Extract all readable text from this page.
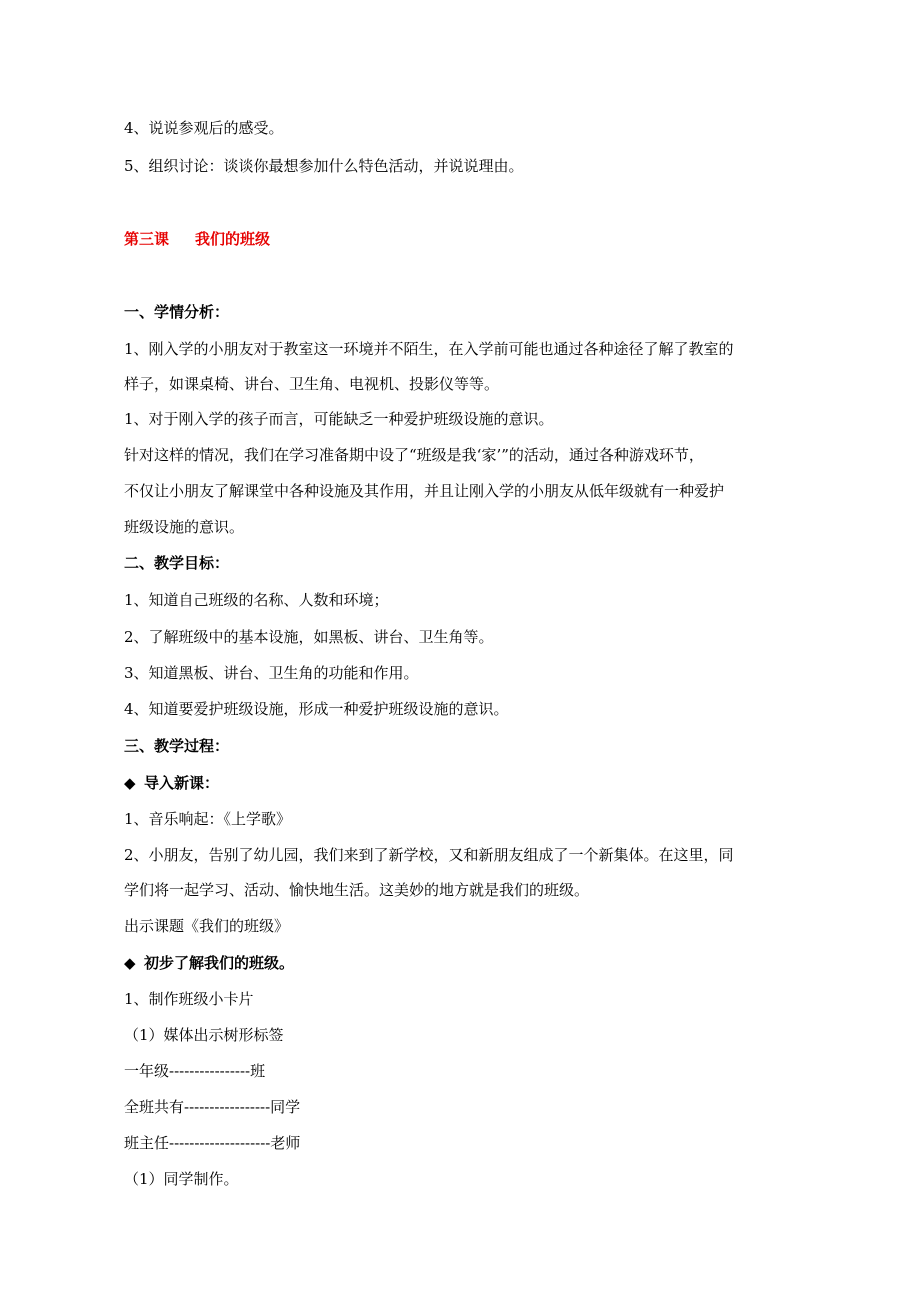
4、说说参观后的感受。
5、组织讨论：谈谈你最想参加什么特色活动，并说说理由。
第三课 我们的班级
一、学情分析：
1、刚入学的小朋友对于教室这一环境并不陌生，在入学前可能也通过各种途径了解了教室的
样子，如课桌椅、讲台、卫生角、电视机、投影仪等等。
1、对于刚入学的孩子而言，可能缺乏一种爱护班级设施的意识。
针对这样的情况，我们在学习准备期中设了“班级是我‘家’”的活动，通过各种游戏环节，
不仅让小朋友了解课堂中各种设施及其作用，并且让刚入学的小朋友从低年级就有一种爱护
班级设施的意识。
二、教学目标：
1、知道自己班级的名称、人数和环境；
2、了解班级中的基本设施，如黑板、讲台、卫生角等。
3、知道黑板、讲台、卫生角的功能和作用。
4、知道要爱护班级设施，形成一种爱护班级设施的意识。
三、教学过程：
◆ 导入新课：
1、音乐响起：《上学歌》
2、小朋友，告别了幼儿园，我们来到了新学校，又和新朋友组成了一个新集体。在这里，同
学们将一起学习、活动、愉快地生活。这美妙的地方就是我们的班级。
出示课题《我们的班级》
◆ 初步了解我们的班级。
1、制作班级小卡片
（1）媒体出示树形标签
一年级----------------班
全班共有-----------------同学
班主任--------------------老师
（1）同学制作。
